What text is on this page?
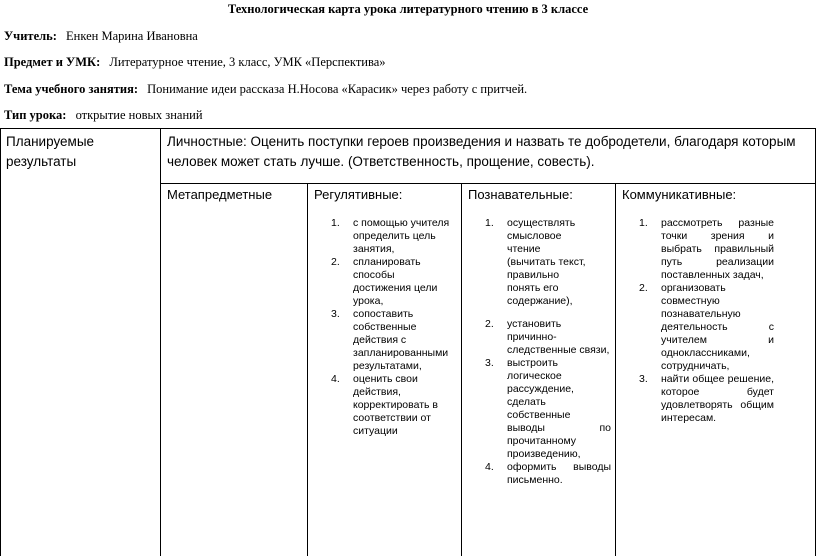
Технологическая карта урока литературного чтению в 3 классе
Учитель: Енкен Марина Ивановна
Предмет и УМК: Литературное чтение, 3 класс, УМК «Перспектива»
Тема учебного занятия: Понимание идеи рассказа Н.Носова «Карасик» через работу с притчей.
Тип урока: открытие новых знаний
Планируемые результаты
Личностные: Оценить поступки героев произведения и назвать те добродетели, благодаря которым человек может стать лучше. (Ответственность, прощение, совесть).
Метапредметные	Регулятивные:
1. с помощью учителя определить цель занятия,
2. спланировать способы достижения цели урока,
3. сопоставить собственные действия с запланированными результатами,
4. оценить свои действия, корректировать в соответствии от ситуации
Познавательные:
1. осуществлять смысловое чтение (вычитать текст, правильно понять его содержание),
2. установить причинно-следственные связи,
3. выстроить логическое рассуждение, сделать собственные выводы по прочитанному произведению,
4. оформить выводы письменно.
Коммуникативные:
1. рассмотреть разные точки зрения и выбрать правильный путь реализации поставленных задач,
2. организовать совместную познавательную деятельность с учителем и одноклассниками, сотрудничать,
3. найти общее решение, которое будет удовлетворять общим интересам.
